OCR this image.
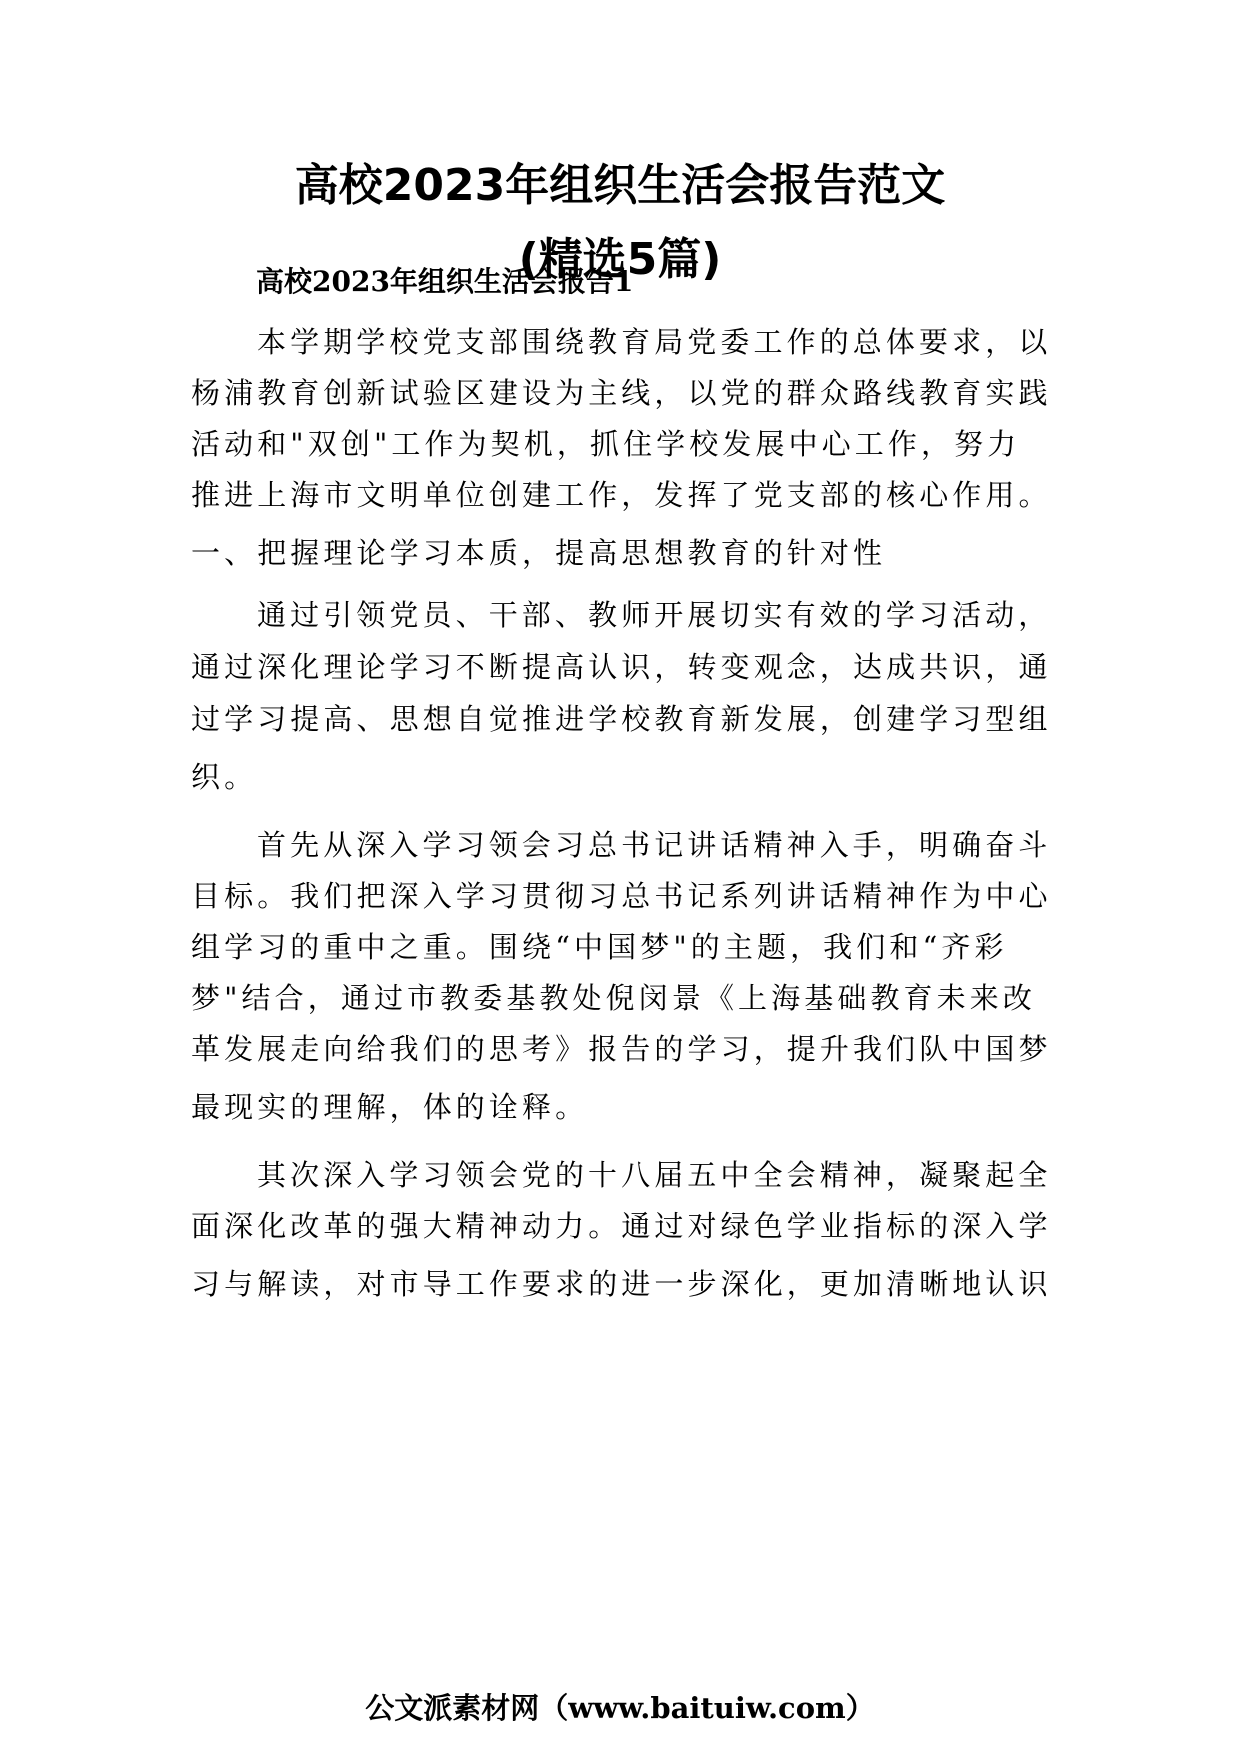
高校2023年组织生活会报告范文
(精选5篇)
高校2023年组织生活会报告1
本学期学校党支部围绕教育局党委工作的总体要求，以
杨浦教育创新试验区建设为主线，以党的群众路线教育实践
活动和"双创"工作为契机，抓住学校发展中心工作，努力
推进上海市文明单位创建工作，发挥了党支部的核心作用。
一、把握理论学习本质，提高思想教育的针对性
通过引领党员、干部、教师开展切实有效的学习活动，
通过深化理论学习不断提高认识，转变观念，达成共识，通
过学习提高、思想自觉推进学校教育新发展，创建学习型组
织。
首先从深入学习领会习总书记讲话精神入手，明确奋斗
目标。我们把深入学习贯彻习总书记系列讲话精神作为中心
组学习的重中之重。围绕“中国梦"的主题，我们和“齐彩
梦"结合，通过市教委基教处倪闵景《上海基础教育未来改
革发展走向给我们的思考》报告的学习，提升我们队中国梦
最现实的理解，体的诠释。
其次深入学习领会党的十八届五中全会精神，凝聚起全
面深化改革的强大精神动力。通过对绿色学业指标的深入学
习与解读，对市导工作要求的进一步深化，更加清晰地认识
公文派素材网（www.baituiw.com）
